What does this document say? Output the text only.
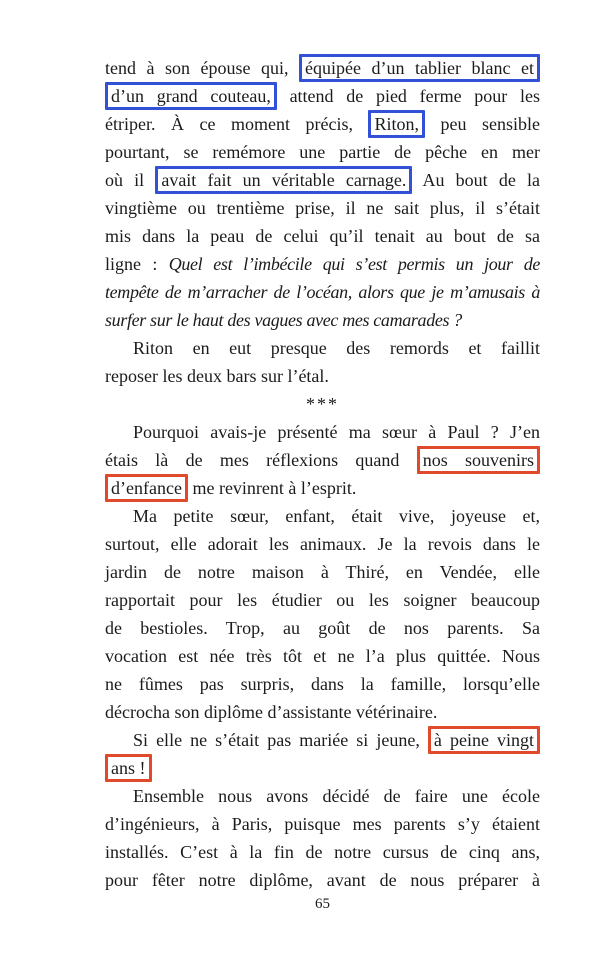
tend à son épouse qui, équipée d’un tablier blanc et
d’un grand couteau, attend de pied ferme pour les
étriper. À ce moment précis, Riton, peu sensible
pourtant, se remémore une partie de pêche en mer
où il avait fait un véritable carnage. Au bout de la
vingtième ou trentième prise, il ne sait plus, il s’était
mis dans la peau de celui qu’il tenait au bout de sa
ligne : Quel est l’imbécile qui s’est permis un jour de
tempête de m’arracher de l’océan, alors que je m’amusais à
surfer sur le haut des vagues avec mes camarades ?
Riton en eut presque des remords et faillit
reposer les deux bars sur l’étal.
***
Pourquoi avais-je présenté ma sœur à Paul ? J’en
étais là de mes réflexions quand nos souvenirs
d’enfance me revinrent à l’esprit.
Ma petite sœur, enfant, était vive, joyeuse et,
surtout, elle adorait les animaux. Je la revois dans le
jardin de notre maison à Thiré, en Vendée, elle
rapportait pour les étudier ou les soigner beaucoup
de bestioles. Trop, au goût de nos parents. Sa
vocation est née très tôt et ne l’a plus quittée. Nous
ne fûmes pas surpris, dans la famille, lorsqu’elle
décrocha son diplôme d’assistante vétérinaire.
Si elle ne s’était pas mariée si jeune, à peine vingt
ans !
Ensemble nous avons décidé de faire une école
d’ingénieurs, à Paris, puisque mes parents s’y étaient
installés. C’est à la fin de notre cursus de cinq ans,
pour fêter notre diplôme, avant de nous préparer à
65
